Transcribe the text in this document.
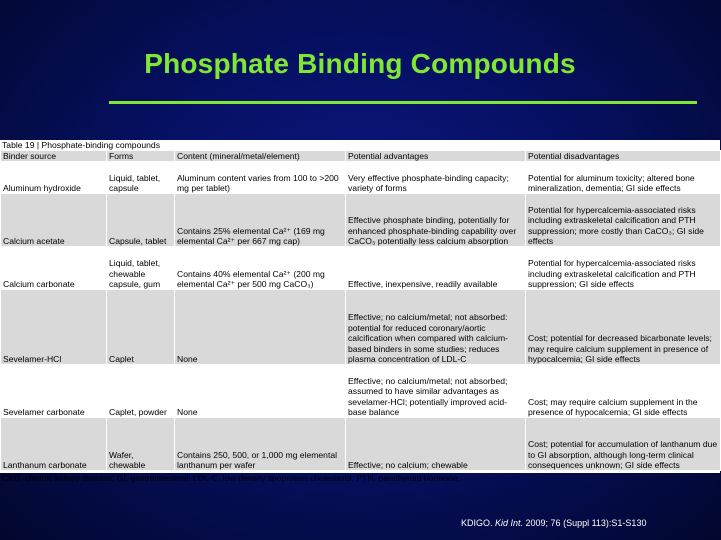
Phosphate Binding Compounds
Table 19 | Phosphate-binding compounds
Binder source	Forms	Content (mineral/metal/element)	Potential advantages	Potential disadvantages
Aluminum hydroxide	Liquid, tablet, capsule	Aluminum content varies from 100 to >200 mg per tablet)	Very effective phosphate-binding capacity; variety of forms	Potential for aluminum toxicity; altered bone mineralization, dementia; GI side effects
Calcium acetate	Capsule, tablet	Contains 25% elemental Ca²⁺ (169 mg elemental Ca²⁺ per 667 mg cap)	Effective phosphate binding, potentially for enhanced phosphate-binding capability over CaCO₃ potentially less calcium absorption	Potential for hypercalcemia-associated risks including extraskeletal calcification and PTH suppression; more costly than CaCO₃; GI side effects
Calcium carbonate	Liquid, tablet, chewable capsule, gum	Contains 40% elemental Ca²⁺ (200 mg elemental Ca²⁺ per 500 mg CaCO₃)	Effective, inexpensive, readily available	Potential for hypercalcemia-associated risks including extraskeletal calcification and PTH suppression; GI side effects
Sevelamer-HCl	Caplet	None	Effective; no calcium/metal; not absorbed: potential for reduced coronary/aortic calcification when compared with calcium-based binders in some studies; reduces plasma concentration of LDL-C	Cost; potential for decreased bicarbonate levels; may require calcium supplement in presence of hypocalcemia; GI side effects
Sevelamer carbonate	Caplet, powder	None	Effective; no calcium/metal; not absorbed; assumed to have similar advantages as sevelamer-HCl; potentially improved acid-base balance	Cost; may require calcium supplement in the presence of hypocalcemia; GI side effects
Lanthanum carbonate	Wafer, chewable	Contains 250, 500, or 1,000 mg elemental lanthanum per wafer	Effective; no calcium; chewable	Cost; potential for accumulation of lanthanum due to GI absorption, although long-term clinical consequences unknown; GI side effects
CKD, chronic kidney disease; GI, gastrointestinal; LDL-C, low-density lipoprotein cholesterol; PTH, parathyroid hormone.
KDIGO. Kid Int. 2009; 76 (Suppl 113):S1-S130
